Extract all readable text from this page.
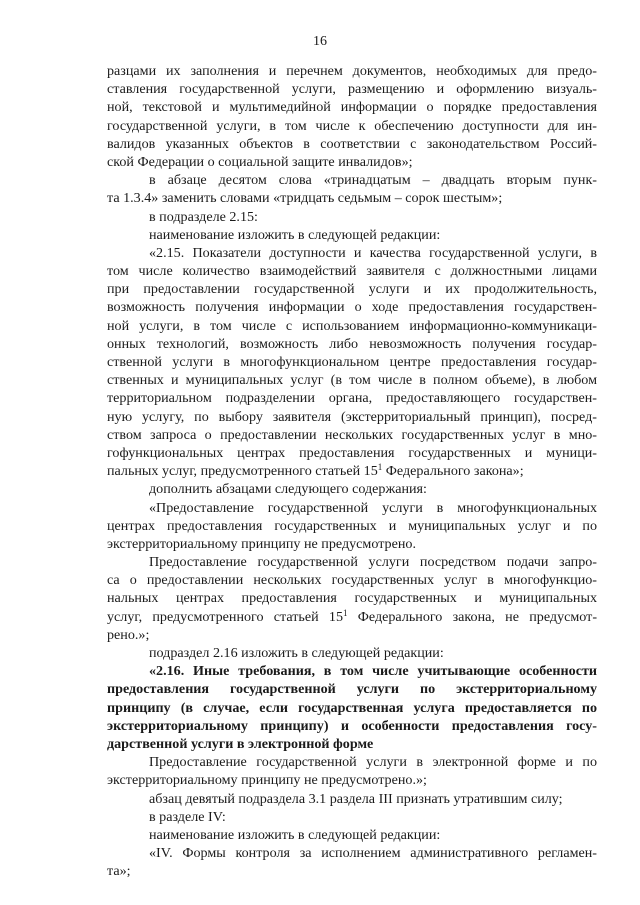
16
разцами их заполнения и перечнем документов, необходимых для предо-
ставления государственной услуги, размещению и оформлению визуаль-
ной, текстовой и мультимедийной информации о порядке предоставления
государственной услуги, в том числе к обеспечению доступности для ин-
валидов указанных объектов в соответствии с законодательством Россий-
ской Федерации о социальной защите инвалидов»;
в абзаце десятом слова «тринадцатым – двадцать вторым пунк-
та 1.3.4» заменить словами «тридцать седьмым – сорок шестым»;
в подразделе 2.15:
наименование изложить в следующей редакции:
«2.15. Показатели доступности и качества государственной услуги, в
том числе количество взаимодействий заявителя с должностными лицами
при предоставлении государственной услуги и их продолжительность,
возможность получения информации о ходе предоставления государствен-
ной услуги, в том числе с использованием информационно-коммуникаци-
онных технологий, возможность либо невозможность получения государ-
ственной услуги в многофункциональном центре предоставления государ-
ственных и муниципальных услуг (в том числе в полном объеме), в любом
территориальном подразделении органа, предоставляющего государствен-
ную услугу, по выбору заявителя (экстерриториальный принцип), посред-
ством запроса о предоставлении нескольких государственных услуг в мно-
гофункциональных центрах предоставления государственных и муници-
пальных услуг, предусмотренного статьей $15^1$ Федерального закона»;
дополнить абзацами следующего содержания:
«Предоставление государственной услуги в многофункциональных
центрах предоставления государственных и муниципальных услуг и по
экстерриториальному принципу не предусмотрено.
Предоставление государственной услуги посредством подачи запро-
са о предоставлении нескольких государственных услуг в многофункцио-
нальных центрах предоставления государственных и муниципальных
услуг, предусмотренного статьей $15^1$ Федерального закона, не предусмот-
рено.»;
подраздел 2.16 изложить в следующей редакции:
«2.16. Иные требования, в том числе учитывающие особенности
предоставления государственной услуги по экстерриториальному
принципу (в случае, если государственная услуга предоставляется по
экстерриториальному принципу) и особенности предоставления госу-
дарственной услуги в электронной форме
Предоставление государственной услуги в электронной форме и по
экстерриториальному принципу не предусмотрено.»;
абзац девятый подраздела 3.1 раздела III признать утратившим силу;
в разделе IV:
наименование изложить в следующей редакции:
«IV. Формы контроля за исполнением административного регламен-
та»;
